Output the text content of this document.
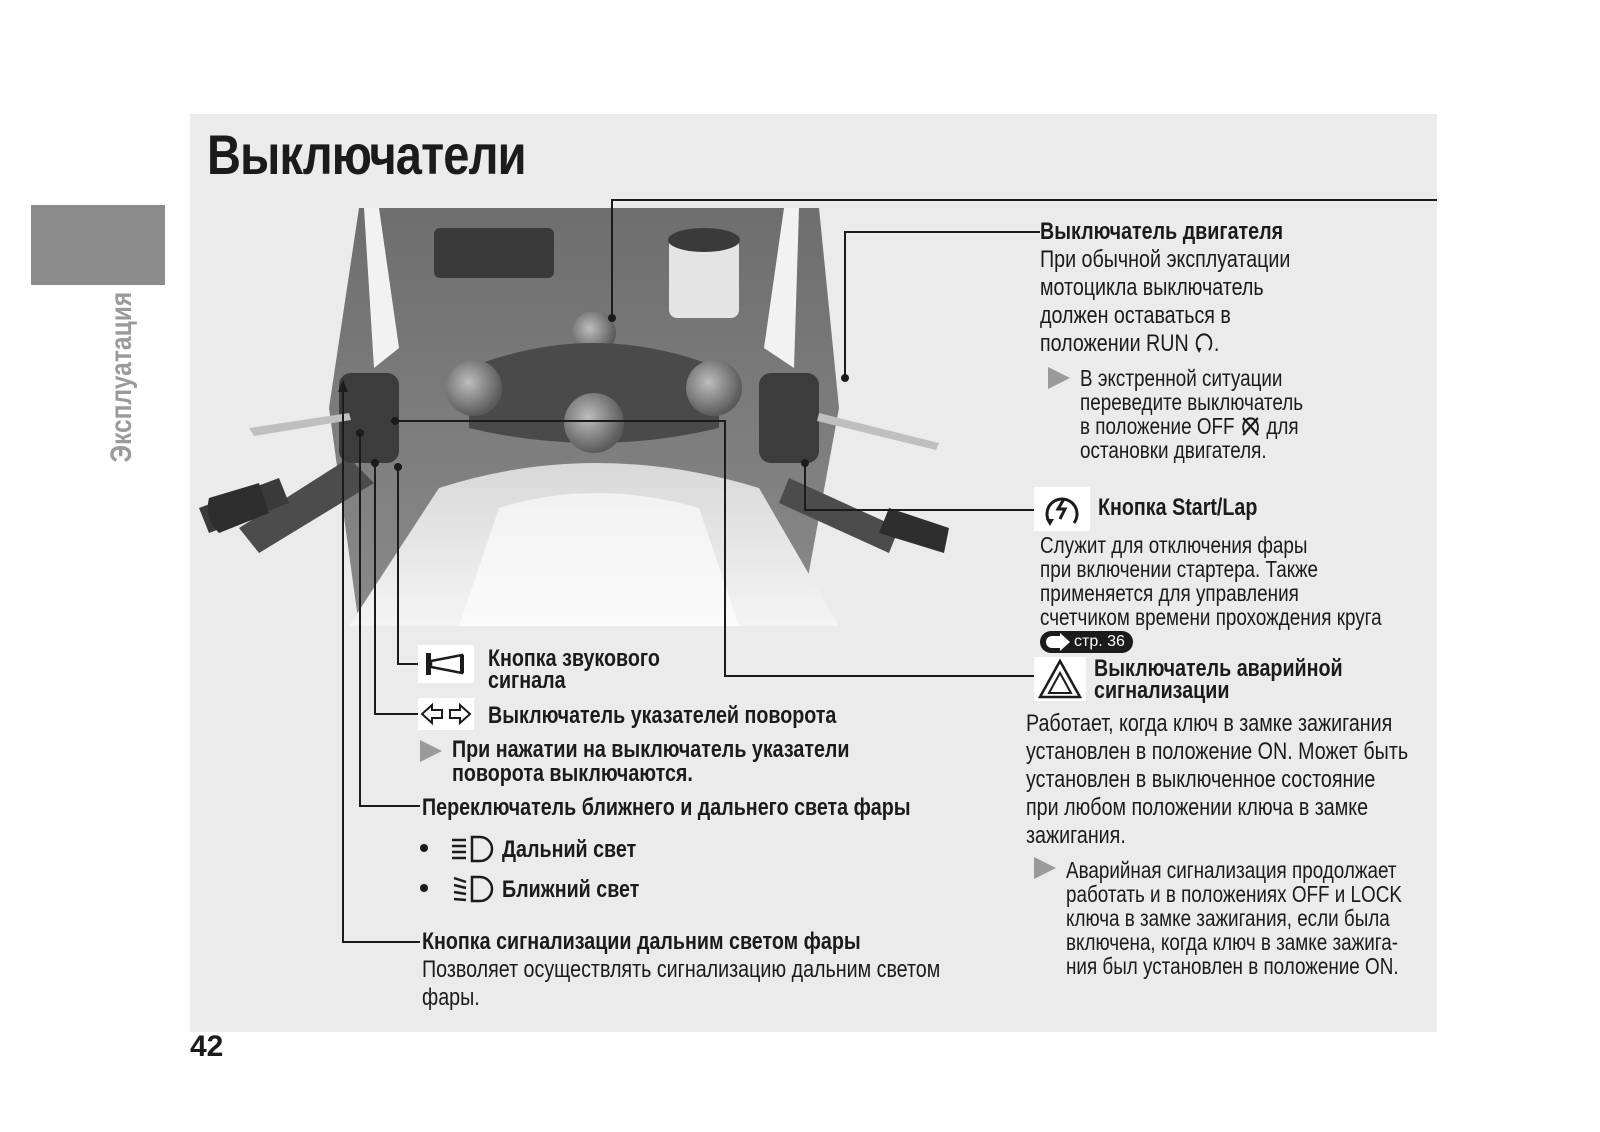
Эксплуатация
Выключатели
42
Выключатель двигателя
При обычной эксплуатации
мотоцикла выключатель
должен оставаться в
положении RUN .
В экстренной ситуации
переведите выключатель
в положение OFF для
остановки двигателя.
Кнопка Start/Lap
Служит для отключения фары
при включении стартера. Также
применяется для управления
счетчиком времени прохождения круга
стр. 36
Выключатель аварийной
сигнализации
Работает, когда ключ в замке зажигания
установлен в положение ON. Может быть
установлен в выключенное состояние
при любом положении ключа в замке
зажигания.
Аварийная сигнализация продолжает
работать и в положениях OFF и LOCK
ключа в замке зажигания, если была
включена, когда ключ в замке зажига-
ния был установлен в положение ON.
Кнопка звукового
сигнала
Выключатель указателей поворота
При нажатии на выключатель указатели
поворота выключаются.
Переключатель ближнего и дальнего света фары
Дальний свет
Ближний свет
Кнопка сигнализации дальним светом фары
Позволяет осуществлять сигнализацию дальним светом
фары.
